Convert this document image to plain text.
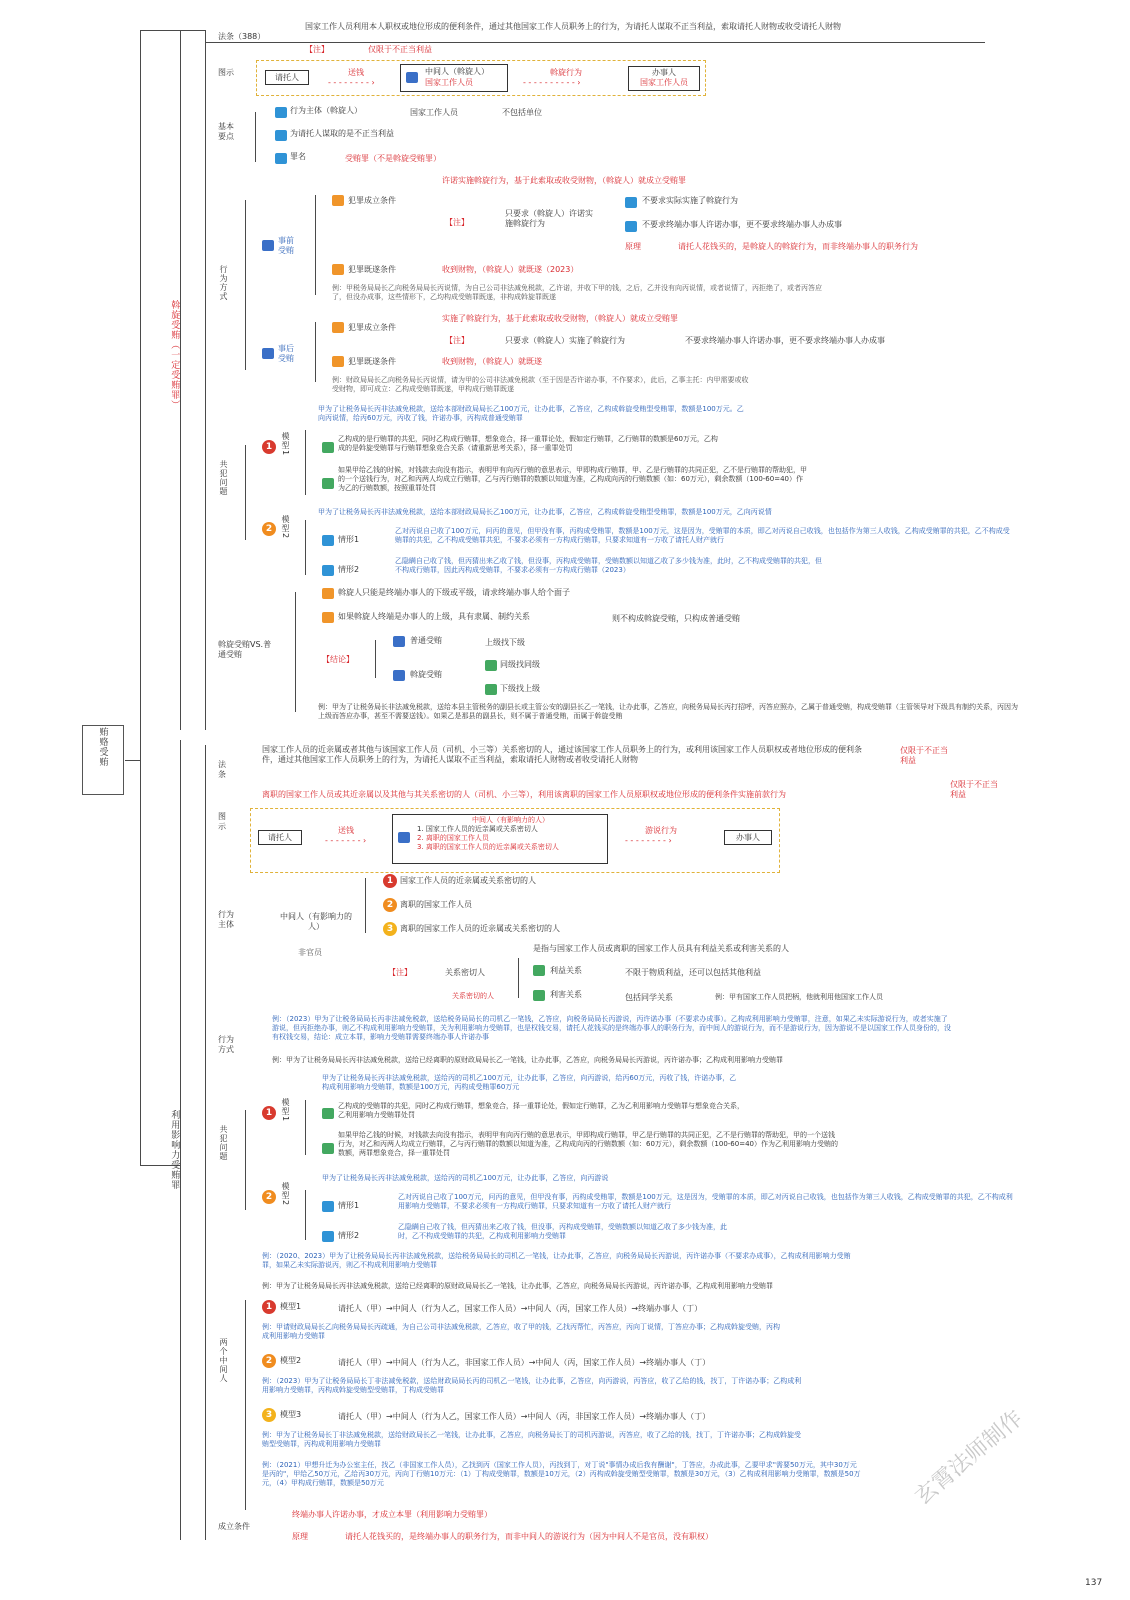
贿赂受贿
斡旋受贿（一定受贿罪）
法条（388）
国家工作人员利用本人职权或地位形成的便利条件，通过其他国家工作人员职务上的行为，为请托人谋取不正当利益，索取请托人财物或收受请托人财物
【注】	仅限于不正当利益
图示
请托人
送钱
- - - - - - - - ›
中间人（斡旋人）
国家工作人员
斡旋行为
- - - - - - - - - - ›
办事人
国家工作人员
基本要点
行为主体（斡旋人）	国家工作人员	不包括单位
为请托人谋取的是不正当利益
罪名	受贿罪（不是斡旋受贿罪）
行为方式
事前受贿
犯罪成立条件
许诺实施斡旋行为，基于此索取或收受财物，（斡旋人）就成立受贿罪
【注】
只要求（斡旋人）许诺实施斡旋行为
不要求实际实施了斡旋行为
不要求终端办事人许诺办事，更不要求终端办事人办成事
原理	请托人花钱买的，是斡旋人的斡旋行为，而非终端办事人的职务行为
犯罪既遂条件	收到财物，（斡旋人）就既遂（2023）
例：甲税务局局长乙向税务局局长丙说情，为自己公司非法减免税款，乙许诺，并收下甲的钱，之后，乙并没有向丙说情，或者说情了，丙拒绝了，或者丙答应了，但没办成事，这些情形下，乙均构成受贿罪既遂，非构成斡旋罪既遂
事后受贿
犯罪成立条件
实施了斡旋行为，基于此索取或收受财物，（斡旋人）就成立受贿罪
【注】	只要求（斡旋人）实施了斡旋行为	不要求终端办事人许诺办事，更不要求终端办事人办成事
犯罪既遂条件	收到财物，（斡旋人）就既遂
例：财政局局长乙向税务局长丙说情，请为甲的公司非法减免税款（至于因是否许诺办事，不作要求），此后，乙事主托：内甲需要或收受财物，即可成立：乙构成受贿罪既遂，甲构成行贿罪既遂
甲为了让税务局长丙非法减免税款，送给本部财政局局长乙100万元，让办此事，乙答应，乙构成斡旋受贿型受贿罪，数额是100万元。乙向丙说情，给丙60万元，丙收了钱，许诺办事，丙构成普通受贿罪
共犯问题
1	模型1	乙构成的是行贿罪的共犯，同时乙构成行贿罪，想象竞合，择一重罪论处，假如定行贿罪，乙行贿罪的数额是60万元，乙构成的是斡旋受贿罪与行贿罪想象竞合关系（请重新思考关系），择一重罪处罚
如果甲给乙钱的时候，对钱款去向没有指示，表明甲有向丙行贿的意思表示，甲即构成行贿罪，甲、乙是行贿罪的共同正犯，乙不是行贿罪的帮助犯，甲的一个送钱行为，对乙和丙两人均成立行贿罪，乙与丙行贿罪的数额以知道为准，乙构成向丙的行贿数额（如：60万元），剩余数额（100-60=40）作为乙的行贿数额，按照重罪处罚
2	模型2
甲为了让税务局长丙非法减免税款，送给本部财政局局长乙100万元，让办此事，乙答应，乙构成斡旋受贿型受贿罪，数额是100万元，乙向丙说情
情形1
乙对丙说自己收了100万元，问丙的意见，但甲没有事，丙构成受贿罪，数额是100万元，这是因为，受贿罪的本质，即乙对丙说自己收钱，也包括作为第三人收钱，乙构成受贿罪的共犯，乙不构成受贿罪的共犯，乙不构成受贿罪共犯，不要求必须有一方构成行贿罪，只要求知道有一方收了请托人财产就行
情形2
乙隐瞒自己收了钱，但丙猜出来乙收了钱，但没事，丙构成受贿罪，受贿数额以知道乙收了多少钱为准，此时，乙不构成受贿罪的共犯，但不构成行贿罪，因此丙构成受贿罪，不要求必须有一方构成行贿罪（2023）
斡旋受贿VS.普通受贿
斡旋人只能是终端办事人的下级或平级，请求终端办事人给个面子
如果斡旋人终端是办事人的上级，具有隶属、制约关系	则不构成斡旋受贿，只构成普通受贿
【结论】
普通受贿	上级找下级
斡旋受贿
同级找同级
下级找上级
例：甲为了让税务局长非法减免税款，送给本县主管税务的副县长或主管公安的副县长乙一笔钱，让办此事，乙答应，向税务局局长丙打招呼，丙答应照办，乙属于普通受贿，构成受贿罪（主管领导对下级具有制约关系，丙因为上级而答应办事，甚至不需要送钱）。如果乙是那县的副县长，则不属于普通受贿，而属于斡旋受贿
利用影响力受贿罪
法条
国家工作人员的近亲属或者其他与该国家工作人员（司机、小三等）关系密切的人，通过该国家工作人员职务上的行为，或利用该国家工作人员职权或者地位形成的便利条件，通过其他国家工作人员职务上的行为，为请托人谋取不正当利益，索取请托人财物或者收受请托人财物
仅限于不正当利益
离职的国家工作人员或其近亲属以及其他与其关系密切的人（司机、小三等），利用该离职的国家工作人员原职权或地位形成的便利条件实施前款行为
仅限于不正当利益
图示
请托人
送钱
- - - - - - - ›
中间人（有影响力的人）
1. 国家工作人员的近亲属或关系密切人
2. 离职的国家工作人员
3. 离职的国家工作人员的近亲属或关系密切人
游说行为
- - - - - - - - ›	办事人
行为主体
中间人（有影响力的人）
非官员
1 国家工作人员的近亲属或关系密切的人
2 离职的国家工作人员
3 离职的国家工作人员的近亲属或关系密切的人
是指与国家工作人员或离职的国家工作人员具有利益关系或利害关系的人
【注】	关系密切人
关系密切的人
利益关系	不限于物质利益，还可以包括其他利益
利害关系	包括同学关系	例：甲有国家工作人员把柄，他就利用他国家工作人员
行为方式
例：（2023）甲为了让税务局局长丙非法减免税款，送给税务局局长的司机乙一笔钱，乙答应，向税务局局长丙游说，丙许诺办事（不要求办成事）。乙构成利用影响力受贿罪，注意，如果乙未实际游说行为，或者实施了游说，但丙拒绝办事，则乙不构成利用影响力受贿罪，关为利用影响力受贿罪，也是权钱交易，请托人花钱买的是终端办事人的职务行为，而中间人的游说行为，而不是游说行为，因为游说不是以国家工作人员身份的，没有权钱交易，结论：成立本罪，影响力受贿罪需要终端办事人许诺办事
例：甲为了让税务局局长丙非法减免税款，送给已经离职的原财政局局长乙一笔钱，让办此事，乙答应，向税务局局长丙游说，丙许诺办事；乙构成利用影响力受贿罪
共犯问题
1	模型1
甲为了让税务局长丙非法减免税款，送给丙的司机乙100万元，让办此事，乙答应，向丙游说，给丙60万元，丙收了钱，许诺办事，乙构成利用影响力受贿罪，数额是100万元，丙构成受贿罪60万元
乙构成的受贿罪的共犯，同时乙构成行贿罪，想象竞合，择一重罪论处，假如定行贿罪，乙为乙利用影响力受贿罪与想象竞合关系，乙利用影响力受贿罪处罚
如果甲给乙钱的时候，对钱款去向没有指示，表明甲有向丙行贿的意思表示，甲即构成行贿罪，甲乙是行贿罪的共同正犯，乙不是行贿罪的帮助犯，甲的一个送钱行为，对乙和丙两人均成立行贿罪，乙与丙行贿罪的数额以知道为准，乙构成向丙的行贿数额（如：60万元），剩余数额（100-60=40）作为乙利用影响力受贿的数额，两罪想象竞合，择一重罪处罚
2	模型2
甲为了让税务局长丙非法减免税款，送给丙的司机乙100万元，让办此事，乙答应，向丙游说
情形1
乙对丙说自己收了100万元，问丙的意见，但甲没有事，丙构成受贿罪，数额是100万元，这是因为，受贿罪的本质，即乙对丙说自己收钱，也包括作为第三人收钱，乙构成受贿罪的共犯，乙不构成利用影响力受贿罪，不要求必须有一方构成行贿罪，只要求知道有一方收了请托人财产就行
情形2
乙隐瞒自己收了钱，但丙猜出来乙收了钱，但没事，丙构成受贿罪，受贿数额以知道乙收了多少钱为准，此时，乙不构成受贿罪的共犯，乙构成利用影响力受贿罪
例：（2020、2023）甲为了让税务局局长丙非法减免税款，送给税务局局长的司机乙一笔钱，让办此事，乙答应，向税务局局长丙游说，丙许诺办事（不要求办成事），乙构成利用影响力受贿罪，如果乙未实际游说丙，则乙不构成利用影响力受贿罪
例：甲为了让税务局局长丙非法减免税款，送给已经离职的原财政局局长乙一笔钱，让办此事，乙答应，向税务局局长丙游说，丙许诺办事，乙构成利用影响力受贿罪
两个中间人
1 模型1	请托人（甲）→中间人（行为人乙，国家工作人员）→中间人（丙，国家工作人员）→终端办事人（丁）
例：甲请财政局局长乙向税务局局长丙疏通，为自己公司非法减免税款，乙答应，收了甲的钱，乙找丙帮忙，丙答应，丙向丁说情，丁答应办事；乙构成斡旋受贿，丙构成利用影响力受贿罪
2 模型2	请托人（甲）→中间人（行为人乙，非国家工作人员）→中间人（丙，国家工作人员）→终端办事人（丁）
例：（2023）甲为了让税务局局长丁非法减免税款，送给财政局局长丙的司机乙一笔钱，让办此事，乙答应，向丙游说，丙答应，收了乙给的钱，找丁，丁许诺办事；乙构成利用影响力受贿罪，丙构成斡旋受贿型受贿罪，丁构成受贿罪
3 模型3	请托人（甲）→中间人（行为人乙，国家工作人员）→中间人（丙，非国家工作人员）→终端办事人（丁）
例：甲为了让税务局长丁非法减免税款，送给财政局长乙一笔钱，让办此事，乙答应，向税务局长丁的司机丙游说，丙答应，收了乙给的钱，找丁，丁许诺办事；乙构成斡旋受贿型受贿罪，丙构成利用影响力受贿罪
例：（2021）甲想升迁为办公室主任，找乙（非国家工作人员），乙找到丙（国家工作人员），丙找到丁，对丁说"事情办成后我有酬谢"，丁答应，办成此事，乙要甲求"需要50万元，其中30万元是丙的"，甲给乙50万元，乙给丙30万元，丙向丁行贿10万元：（1）丁构成受贿罪，数额是10万元，（2）丙构成斡旋受贿型受贿罪，数额是30万元，（3）乙构成利用影响力受贿罪，数额是50万元，（4）甲构成行贿罪，数额是50万元
成立条件
终端办事人许诺办事，才成立本罪（利用影响力受贿罪）
原理	请托人花钱买的，是终端办事人的职务行为，而非中间人的游说行为（因为中间人不是官员，没有职权）
玄霄法师制作
137
